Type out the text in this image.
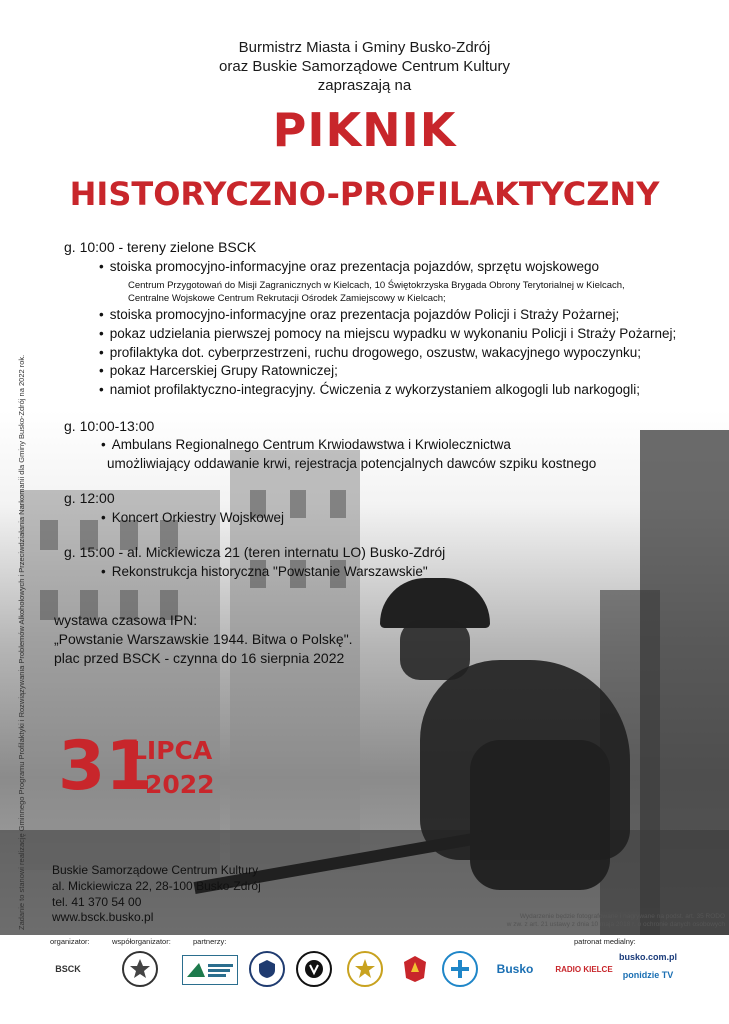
Burmistrz Miasta i Gminy Busko-Zdrój
oraz Buskie Samorządowe Centrum Kultury
zapraszają na
PIKNIK
HISTORYCZNO-PROFILAKTYCZNY
g. 10:00 - tereny zielone BSCK
• stoiska promocyjno-informacyjne oraz prezentacja pojazdów, sprzętu wojskowego
Centrum Przygotowań do Misji Zagranicznych w Kielcach, 10 Świętokrzyska Brygada Obrony Terytorialnej w Kielcach,
Centralne Wojskowe Centrum Rekrutacji Ośrodek Zamiejscowy w Kielcach;
• stoiska promocyjno-informacyjne oraz prezentacja pojazdów Policji i Straży Pożarnej;
• pokaz udzielania pierwszej pomocy na miejscu wypadku w wykonaniu Policji i Straży Pożarnej;
• profilaktyka dot. cyberprzestrzeni, ruchu drogowego, oszustw, wakacyjnego wypoczynku;
• pokaz Harcerskiej Grupy Ratowniczej;
• namiot profilaktyczno-integracyjny. Ćwiczenia z wykorzystaniem alkogogli lub narkogogli;
g. 10:00-13:00
• Ambulans Regionalnego Centrum Krwiodawstwa i Krwiolecznictwa
umożliwiający oddawanie krwi, rejestracja potencjalnych dawców szpiku kostnego
g. 12:00
• Koncert Orkiestry Wojskowej
g. 15:00 - al. Mickiewicza 21 (teren internatu LO) Busko-Zdrój
• Rekonstrukcja historyczna "Powstanie Warszawskie"
wystawa czasowa IPN:
„Powstanie Warszawskie 1944. Bitwa o Polskę".
plac przed BSCK - czynna do 16 sierpnia 2022
31
LIPCA
2022
Buskie Samorządowe Centrum Kultury
al. Mickiewicza 22, 28-100 Busko-Zdrój
tel. 41 370 54 00
www.bsck.busko.pl
Zadanie to stanowi realizację Gminnego Programu Profilaktyki i Rozwiązywania Problemów Alkoholowych i Przeciwdziałania Narkomanii dla Gminy Busko-Zdrój na 2022 rok.	Wydarzenie będzie fotografowane i nagrywane na podst. art. 35 RODO
w zw. z art. 21 ustawy z dnia 10 maja 2018 r. o ochronie danych osobowych
organizator:	współorganizator:	partnerzy:	patronat medialny:
BSCK	Busko	RADIO KIELCE
busko.com.pl
ponidzie TV
